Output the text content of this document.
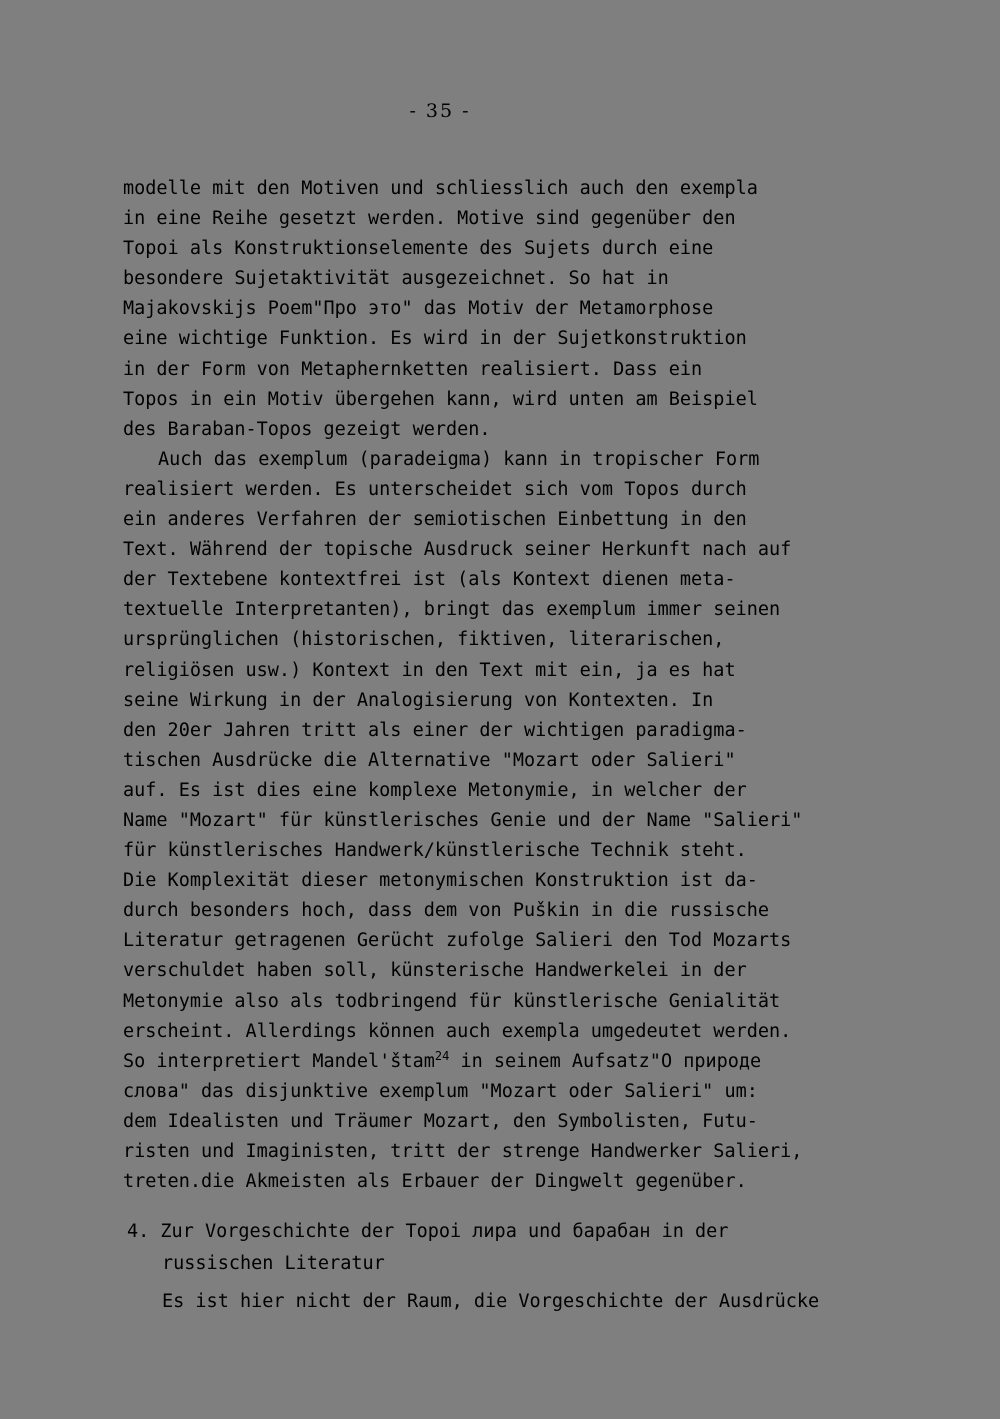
- 35 -
modelle mit den Motiven und schliesslich auch den exempla
in eine Reihe gesetzt werden. Motive sind gegenüber den
Topoi als Konstruktionselemente des Sujets durch eine
besondere Sujetaktivität ausgezeichnet. So hat in
Majakovskijs Poem"Про это" das Motiv der Metamorphose
eine wichtige Funktion. Es wird in der Sujetkonstruktion
in der Form von Metaphernketten realisiert. Dass ein
Topos in ein Motiv übergehen kann, wird unten am Beispiel
des Baraban-Topos gezeigt werden.
Auch das exemplum (paradeigma) kann in tropischer Form
realisiert werden. Es unterscheidet sich vom Topos durch
ein anderes Verfahren der semiotischen Einbettung in den
Text. Während der topische Ausdruck seiner Herkunft nach auf
der Textebene kontextfrei ist (als Kontext dienen meta-
textuelle Interpretanten), bringt das exemplum immer seinen
ursprünglichen (historischen, fiktiven, literarischen,
religiösen usw.) Kontext in den Text mit ein, ja es hat
seine Wirkung in der Analogisierung von Kontexten. In
den 20er Jahren tritt als einer der wichtigen paradigma-
tischen Ausdrücke die Alternative "Mozart oder Salieri"
auf. Es ist dies eine komplexe Metonymie, in welcher der
Name "Mozart" für künstlerisches Genie und der Name "Salieri"
für künstlerisches Handwerk/künstlerische Technik steht.
Die Komplexität dieser metonymischen Konstruktion ist da-
durch besonders hoch, dass dem von Puškin in die russische
Literatur getragenen Gerücht zufolge Salieri den Tod Mozarts
verschuldet haben soll, künsterische Handwerkelei in der
Metonymie also als todbringend für künstlerische Genialität
erscheint. Allerdings können auch exempla umgedeutet werden.
So interpretiert Mandel'štam$^{24}$ in seinem Aufsatz"О природе
слова" das disjunktive exemplum "Mozart oder Salieri" um:
dem Idealisten und Träumer Mozart, den Symbolisten, Futu-
risten und Imaginisten, tritt der strenge Handwerker Salieri,
treten.die Akmeisten als Erbauer der Dingwelt gegenüber.
4. Zur Vorgeschichte der Topoi лира und барабан in der
russischen Literatur
Es ist hier nicht der Raum, die Vorgeschichte der Ausdrücke
